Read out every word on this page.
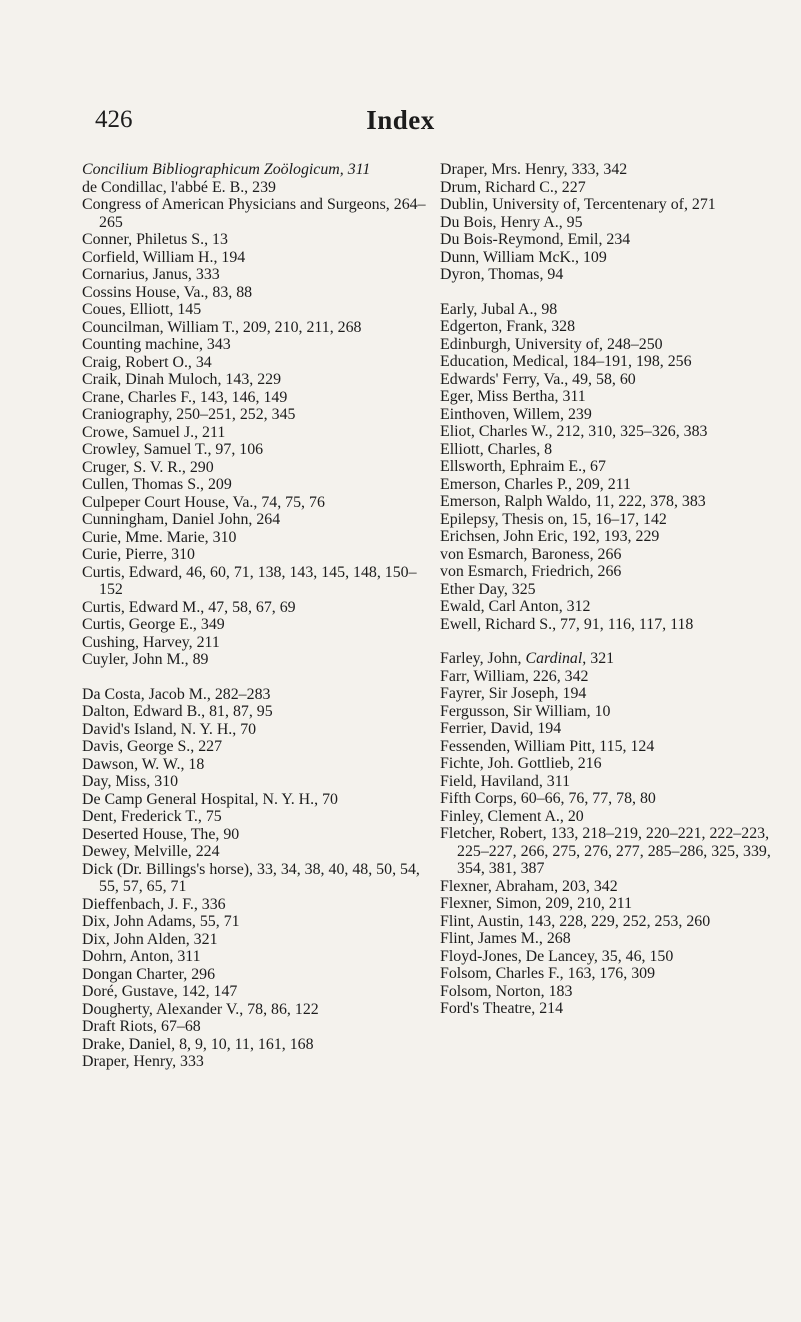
426	Index

Concilium Bibliographicum Zoölogicum, 311

de Condillac, l'abbé E. B., 239

Congress of American Physicians and Surgeons, 264–265

Conner, Philetus S., 13

Corfield, William H., 194

Cornarius, Janus, 333

Cossins House, Va., 83, 88

Coues, Elliott, 145

Councilman, William T., 209, 210, 211, 268

Counting machine, 343

Craig, Robert O., 34

Craik, Dinah Muloch, 143, 229

Crane, Charles F., 143, 146, 149

Craniography, 250–251, 252, 345

Crowe, Samuel J., 211

Crowley, Samuel T., 97, 106

Cruger, S. V. R., 290

Cullen, Thomas S., 209

Culpeper Court House, Va., 74, 75, 76

Cunningham, Daniel John, 264

Curie, Mme. Marie, 310

Curie, Pierre, 310

Curtis, Edward, 46, 60, 71, 138, 143, 145, 148, 150–152

Curtis, Edward M., 47, 58, 67, 69

Curtis, George E., 349

Cushing, Harvey, 211

Cuyler, John M., 89

Da Costa, Jacob M., 282–283

Dalton, Edward B., 81, 87, 95

David's Island, N. Y. H., 70

Davis, George S., 227

Dawson, W. W., 18

Day, Miss, 310

De Camp General Hospital, N. Y. H., 70

Dent, Frederick T., 75

Deserted House, The, 90

Dewey, Melville, 224

Dick (Dr. Billings's horse), 33, 34, 38, 40, 48, 50, 54, 55, 57, 65, 71

Dieffenbach, J. F., 336

Dix, John Adams, 55, 71

Dix, John Alden, 321

Dohrn, Anton, 311

Dongan Charter, 296

Doré, Gustave, 142, 147

Dougherty, Alexander V., 78, 86, 122

Draft Riots, 67–68

Drake, Daniel, 8, 9, 10, 11, 161, 168

Draper, Henry, 333

Draper, Mrs. Henry, 333, 342

Drum, Richard C., 227

Dublin, University of, Tercentenary of, 271

Du Bois, Henry A., 95

Du Bois-Reymond, Emil, 234

Dunn, William McK., 109

Dyron, Thomas, 94

Early, Jubal A., 98

Edgerton, Frank, 328

Edinburgh, University of, 248–250

Education, Medical, 184–191, 198, 256

Edwards' Ferry, Va., 49, 58, 60

Eger, Miss Bertha, 311

Einthoven, Willem, 239

Eliot, Charles W., 212, 310, 325–326, 383

Elliott, Charles, 8

Ellsworth, Ephraim E., 67

Emerson, Charles P., 209, 211

Emerson, Ralph Waldo, 11, 222, 378, 383

Epilepsy, Thesis on, 15, 16–17, 142

Erichsen, John Eric, 192, 193, 229

von Esmarch, Baroness, 266

von Esmarch, Friedrich, 266

Ether Day, 325

Ewald, Carl Anton, 312

Ewell, Richard S., 77, 91, 116, 117, 118

Farley, John, Cardinal, 321

Farr, William, 226, 342

Fayrer, Sir Joseph, 194

Fergusson, Sir William, 10

Ferrier, David, 194

Fessenden, William Pitt, 115, 124

Fichte, Joh. Gottlieb, 216

Field, Haviland, 311

Fifth Corps, 60–66, 76, 77, 78, 80

Finley, Clement A., 20

Fletcher, Robert, 133, 218–219, 220–221, 222–223, 225–227, 266, 275, 276, 277, 285–286, 325, 339, 354, 381, 387

Flexner, Abraham, 203, 342

Flexner, Simon, 209, 210, 211

Flint, Austin, 143, 228, 229, 252, 253, 260

Flint, James M., 268

Floyd-Jones, De Lancey, 35, 46, 150

Folsom, Charles F., 163, 176, 309

Folsom, Norton, 183

Ford's Theatre, 214
